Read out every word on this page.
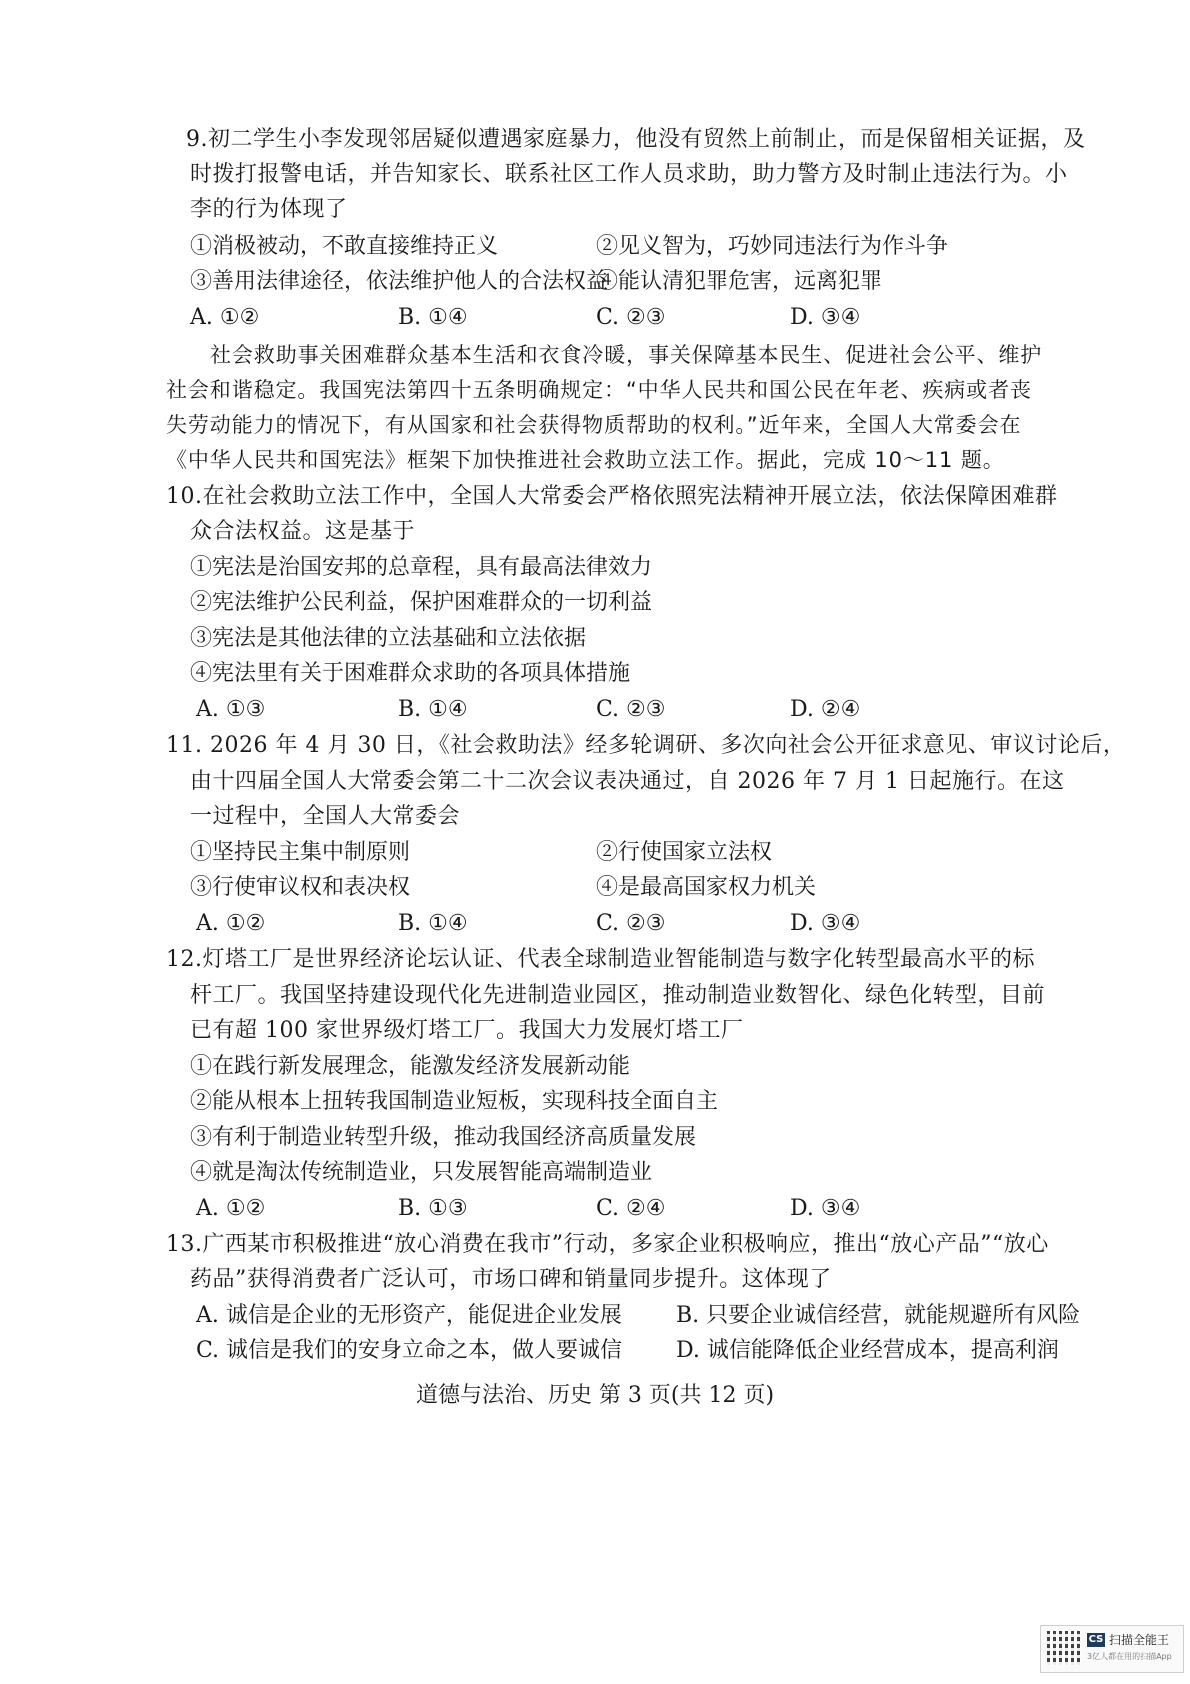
9.初二学生小李发现邻居疑似遭遇家庭暴力，他没有贸然上前制止，而是保留相关证据，及
时拨打报警电话，并告知家长、联系社区工作人员求助，助力警方及时制止违法行为。小
李的行为体现了
①消极被动，不敢直接维持正义	②见义智为，巧妙同违法行为作斗争
③善用法律途径，依法维护他人的合法权益
④能认清犯罪危害，远离犯罪
A. ①②	B. ①④	C. ②③	D. ③④
社会救助事关困难群众基本生活和衣食冷暖，事关保障基本民生、促进社会公平、维护
社会和谐稳定。我国宪法第四十五条明确规定：“中华人民共和国公民在年老、疾病或者丧
失劳动能力的情况下，有从国家和社会获得物质帮助的权利。”近年来，全国人大常委会在
《中华人民共和国宪法》框架下加快推进社会救助立法工作。据此，完成 10～11 题。
10.在社会救助立法工作中，全国人大常委会严格依照宪法精神开展立法，依法保障困难群
众合法权益。这是基于
①宪法是治国安邦的总章程，具有最高法律效力
②宪法维护公民利益，保护困难群众的一切利益
③宪法是其他法律的立法基础和立法依据
④宪法里有关于困难群众求助的各项具体措施
A. ①③	B. ①④	C. ②③	D. ②④
11. 2026 年 4 月 30 日，《社会救助法》经多轮调研、多次向社会公开征求意见、审议讨论后，
由十四届全国人大常委会第二十二次会议表决通过，自 2026 年 7 月 1 日起施行。在这
一过程中，全国人大常委会
①坚持民主集中制原则	②行使国家立法权
③行使审议权和表决权	④是最高国家权力机关
A. ①②	B. ①④	C. ②③	D. ③④
12.灯塔工厂是世界经济论坛认证、代表全球制造业智能制造与数字化转型最高水平的标
杆工厂。我国坚持建设现代化先进制造业园区，推动制造业数智化、绿色化转型，目前
已有超 100 家世界级灯塔工厂。我国大力发展灯塔工厂
①在践行新发展理念，能激发经济发展新动能
②能从根本上扭转我国制造业短板，实现科技全面自主
③有利于制造业转型升级，推动我国经济高质量发展
④就是淘汰传统制造业，只发展智能高端制造业
A. ①②	B. ①③	C. ②④	D. ③④
13.广西某市积极推进“放心消费在我市”行动，多家企业积极响应，推出“放心产品”“放心
药品”获得消费者广泛认可，市场口碑和销量同步提升。这体现了
A. 诚信是企业的无形资产，能促进企业发展 B. 只要企业诚信经营，就能规避所有风险
C. 诚信是我们的安身立命之本，做人要诚信 D. 诚信能降低企业经营成本，提高利润
道德与法治、历史 第 3 页(共 12 页)
CS 扫描全能王
3亿人都在用的扫描App
